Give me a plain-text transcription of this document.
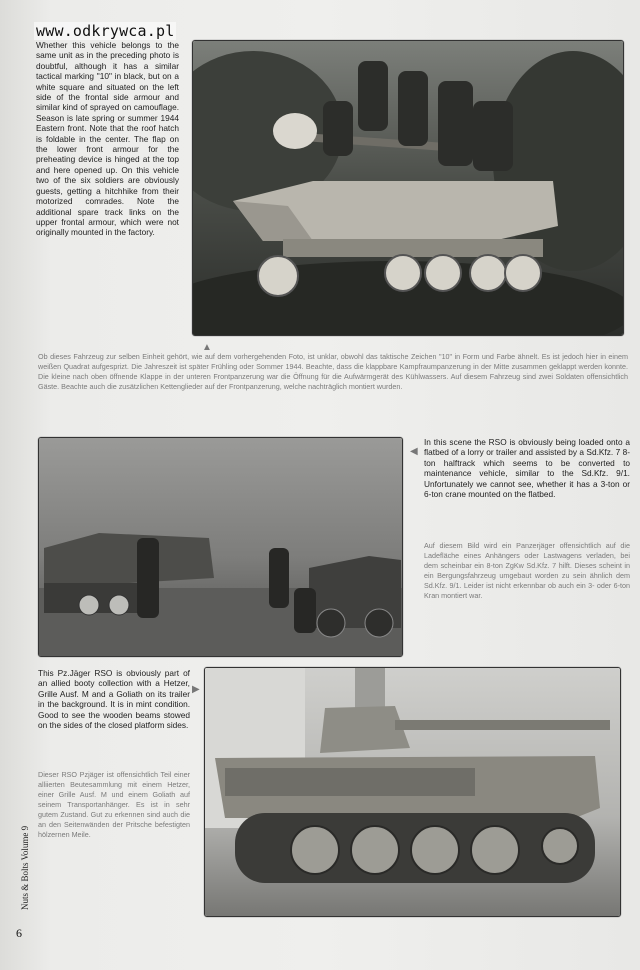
www.odkrywca.pl
Whether this vehicle belongs to the same unit as in the preceding photo is doubtful, although it has a similar tactical marking "10" in black, but on a white square and situated on the left side of the frontal side armour and similar kind of sprayed on camouflage. Season is late spring or summer 1944 Eastern front. Note that the roof hatch is foldable in the center. The flap on the lower front armour for the preheating device is hinged at the top and here opened up. On this vehicle two of the six soldiers are obviously guests, getting a hitchhike from their motorized comrades. Note the additional spare track links on the upper frontal armour, which were not originally mounted in the factory.
▲
Ob dieses Fahrzeug zur selben Einheit gehört, wie auf dem vorhergehenden Foto, ist unklar, obwohl das taktische Zeichen "10" in Form und Farbe ähnelt. Es ist jedoch hier in einem weißen Quadrat aufgesprizt. Die Jahreszeit ist später Frühling oder Sommer 1944. Beachte, dass die klappbare Kampfraumpanzerung in der Mitte zusammen geklappt werden konnte. Die kleine nach oben öffnende Klappe in der unteren Frontpanzerung war die Öffnung für die Aufwärmgerät des Kühlwassers. Auf diesem Fahrzeug sind zwei Soldaten offensichtlich Gäste. Beachte auch die zusätzlichen Kettenglieder auf der Frontpanzerung, welche nachträglich montiert wurden.
◀
In this scene the RSO is obviously being loaded onto a flatbed of a lorry or trailer and assisted by a Sd.Kfz. 7 8-ton halftrack which seems to be converted to maintenance vehicle, similar to the Sd.Kfz. 9/1. Unfortunately we cannot see, whether it has a 3-ton or 6-ton crane mounted on the flatbed.
Auf diesem Bild wird ein Panzerjäger offensichtlich auf die Ladefläche eines Anhängers oder Lastwagens verladen, bei dem scheinbar ein 8-ton ZgKw Sd.Kfz. 7 hilft. Dieses scheint in ein Bergungsfahrzeug umgebaut worden zu sein ähnlich dem Sd.Kfz. 9/1. Leider ist nicht erkennbar ob auch ein 3- oder 6-ton Kran montiert war.
This Pz.Jäger RSO is obviously part of an allied booty collection with a Hetzer, Grille Ausf. M and a Goliath on its trailer in the background. It is in mint condition. Good to see the wooden beams stowed on the sides of the closed platform sides.
▶
Dieser RSO Pzjäger ist offensichtlich Teil einer alliierten Beutesammlung mit einem Hetzer, einer Grille Ausf. M und einem Goliath auf seinem Transportanhänger. Es ist in sehr gutem Zustand. Gut zu erkennen sind auch die an den Seitenwänden der Pritsche befestigten hölzernen Meile.
Nuts & Bolts Volume 9
6
